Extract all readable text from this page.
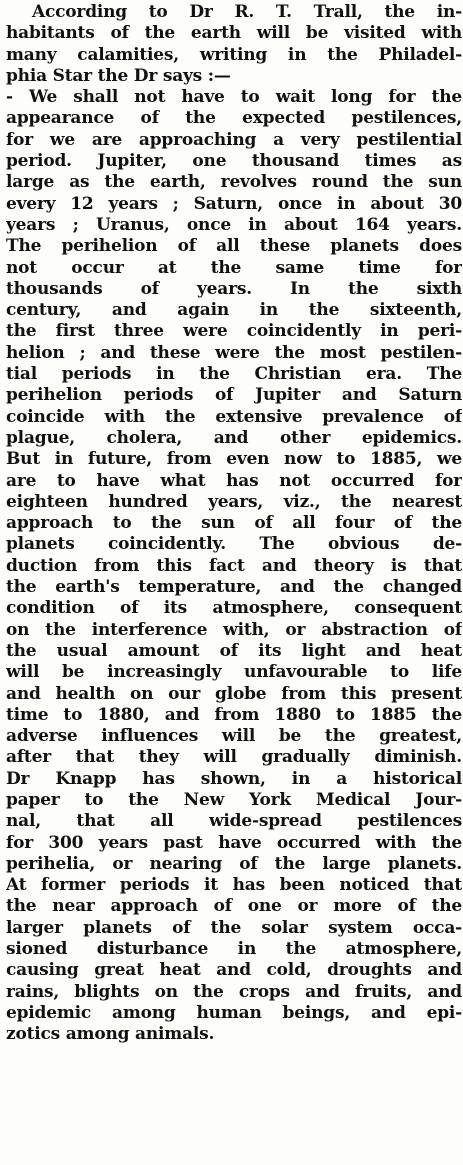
According to Dr R. T. Trall, the in-
habitants of the earth will be visited with
many calamities, writing in the Philadel-
phia Star the Dr says :—

- We shall not have to wait long for the
appearance of the expected pestilences,
for we are approaching a very pestilential
period. Jupiter, one thousand times as
large as the earth, revolves round the sun
every 12 years ; Saturn, once in about 30
years ; Uranus, once in about 164 years.
The perihelion of all these planets does
not occur at the same time for
thousands of years. In the sixth
century, and again in the sixteenth,
the first three were coincidently in peri-
helion ; and these were the most pestilen-
tial periods in the Christian era. The
perihelion periods of Jupiter and Saturn
coincide with the extensive prevalence of
plague, cholera, and other epidemics.
But in future, from even now to 1885, we
are to have what has not occurred for
eighteen hundred years, viz., the nearest
approach to the sun of all four of the
planets coincidently. The obvious de-
duction from this fact and theory is that
the earth's temperature, and the changed
condition of its atmosphere, consequent
on the interference with, or abstraction of
the usual amount of its light and heat
will be increasingly unfavourable to life
and health on our globe from this present
time to 1880, and from 1880 to 1885 the
adverse influences will be the greatest,
after that they will gradually diminish.
Dr Knapp has shown, in a historical
paper to the New York Medical Jour-
nal, that all wide-spread pestilences
for 300 years past have occurred with the
perihelia, or nearing of the large planets.
At former periods it has been noticed that
the near approach of one or more of the
larger planets of the solar system occa-
sioned disturbance in the atmosphere,
causing great heat and cold, droughts and
rains, blights on the crops and fruits, and
epidemic among human beings, and epi-
zotics among animals.
